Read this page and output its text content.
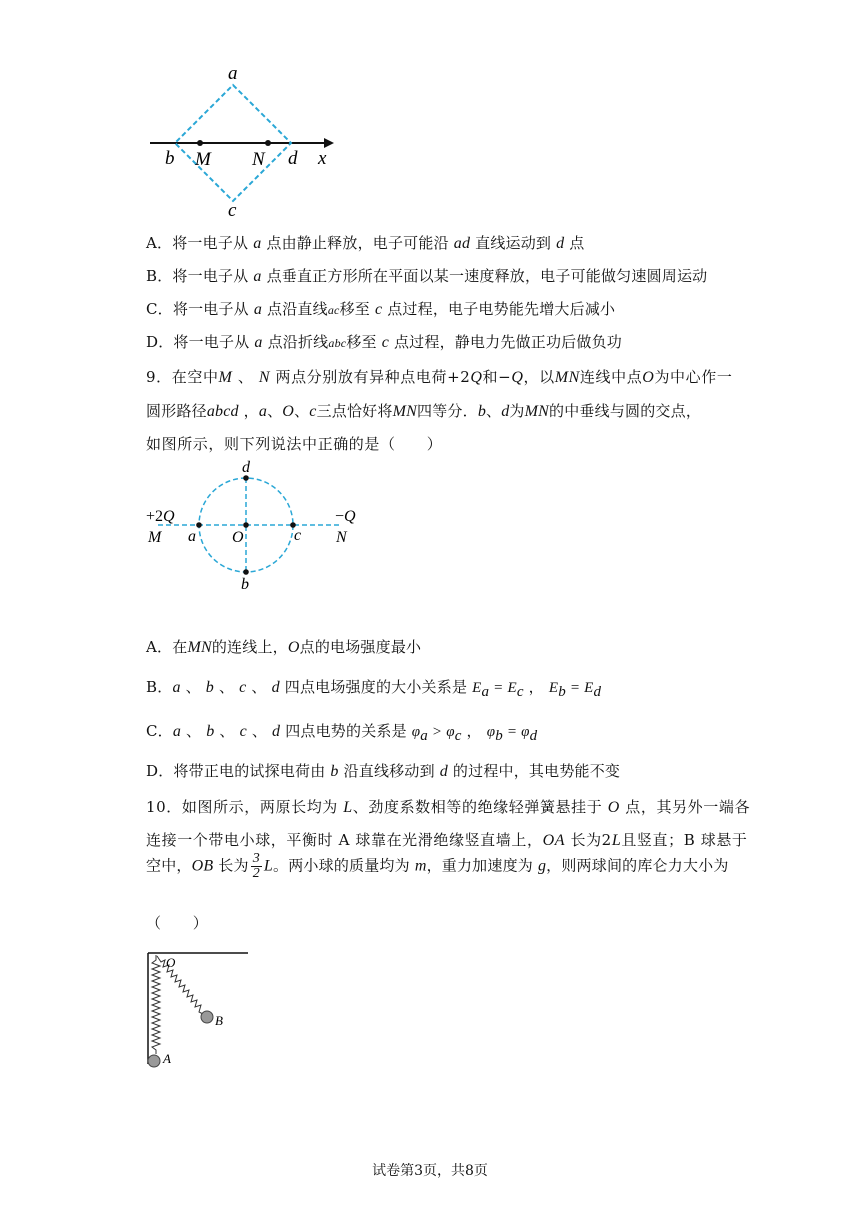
a
b M N d x
c
A．将一电子从 a 点由静止释放，电子可能沿 ad 直线运动到 d 点
B．将一电子从 a 点垂直正方形所在平面以某一速度释放，电子可能做匀速圆周运动
C．将一电子从 a 点沿直线ac移至 c 点过程，电子电势能先增大后减小
D．将一电子从 a 点沿折线abc移至 c 点过程，静电力先做正功后做负功
9．在空中M 、 N 两点分别放有异种点电荷+2Q和−Q，以MN连线中点O为中心作一
圆形路径abcd ，a、O、c三点恰好将MN四等分．b、d为MN的中垂线与圆的交点，
如图所示，则下列说法中正确的是（　　）
d
+2Q	−Q
M a O	c N
b
A．在MN的连线上，O点的电场强度最小
B．a 、 b 、 c 、 d 四点电场强度的大小关系是 $E_a = E_c$ ， $E_b = E_d$
C．a 、 b 、 c 、 d 四点电势的关系是 $\varphi_a > \varphi_c$ ， $\varphi_b = \varphi_d$
D．将带正电的试探电荷由 b 沿直线移动到 d 的过程中，其电势能不变
10．如图所示，两原长均为 L、劲度系数相等的绝缘轻弹簧悬挂于 O 点，其另外一端各
连接一个带电小球，平衡时 A 球靠在光滑绝缘竖直墙上，OA 长为2L且竖直；B 球悬于
空中，OB 长为 $\frac{3}{2}$ L。两小球的质量均为 m，重力加速度为 g，则两球间的库仑力大小为
（　　）
O
A
B
试卷第3页，共8页
